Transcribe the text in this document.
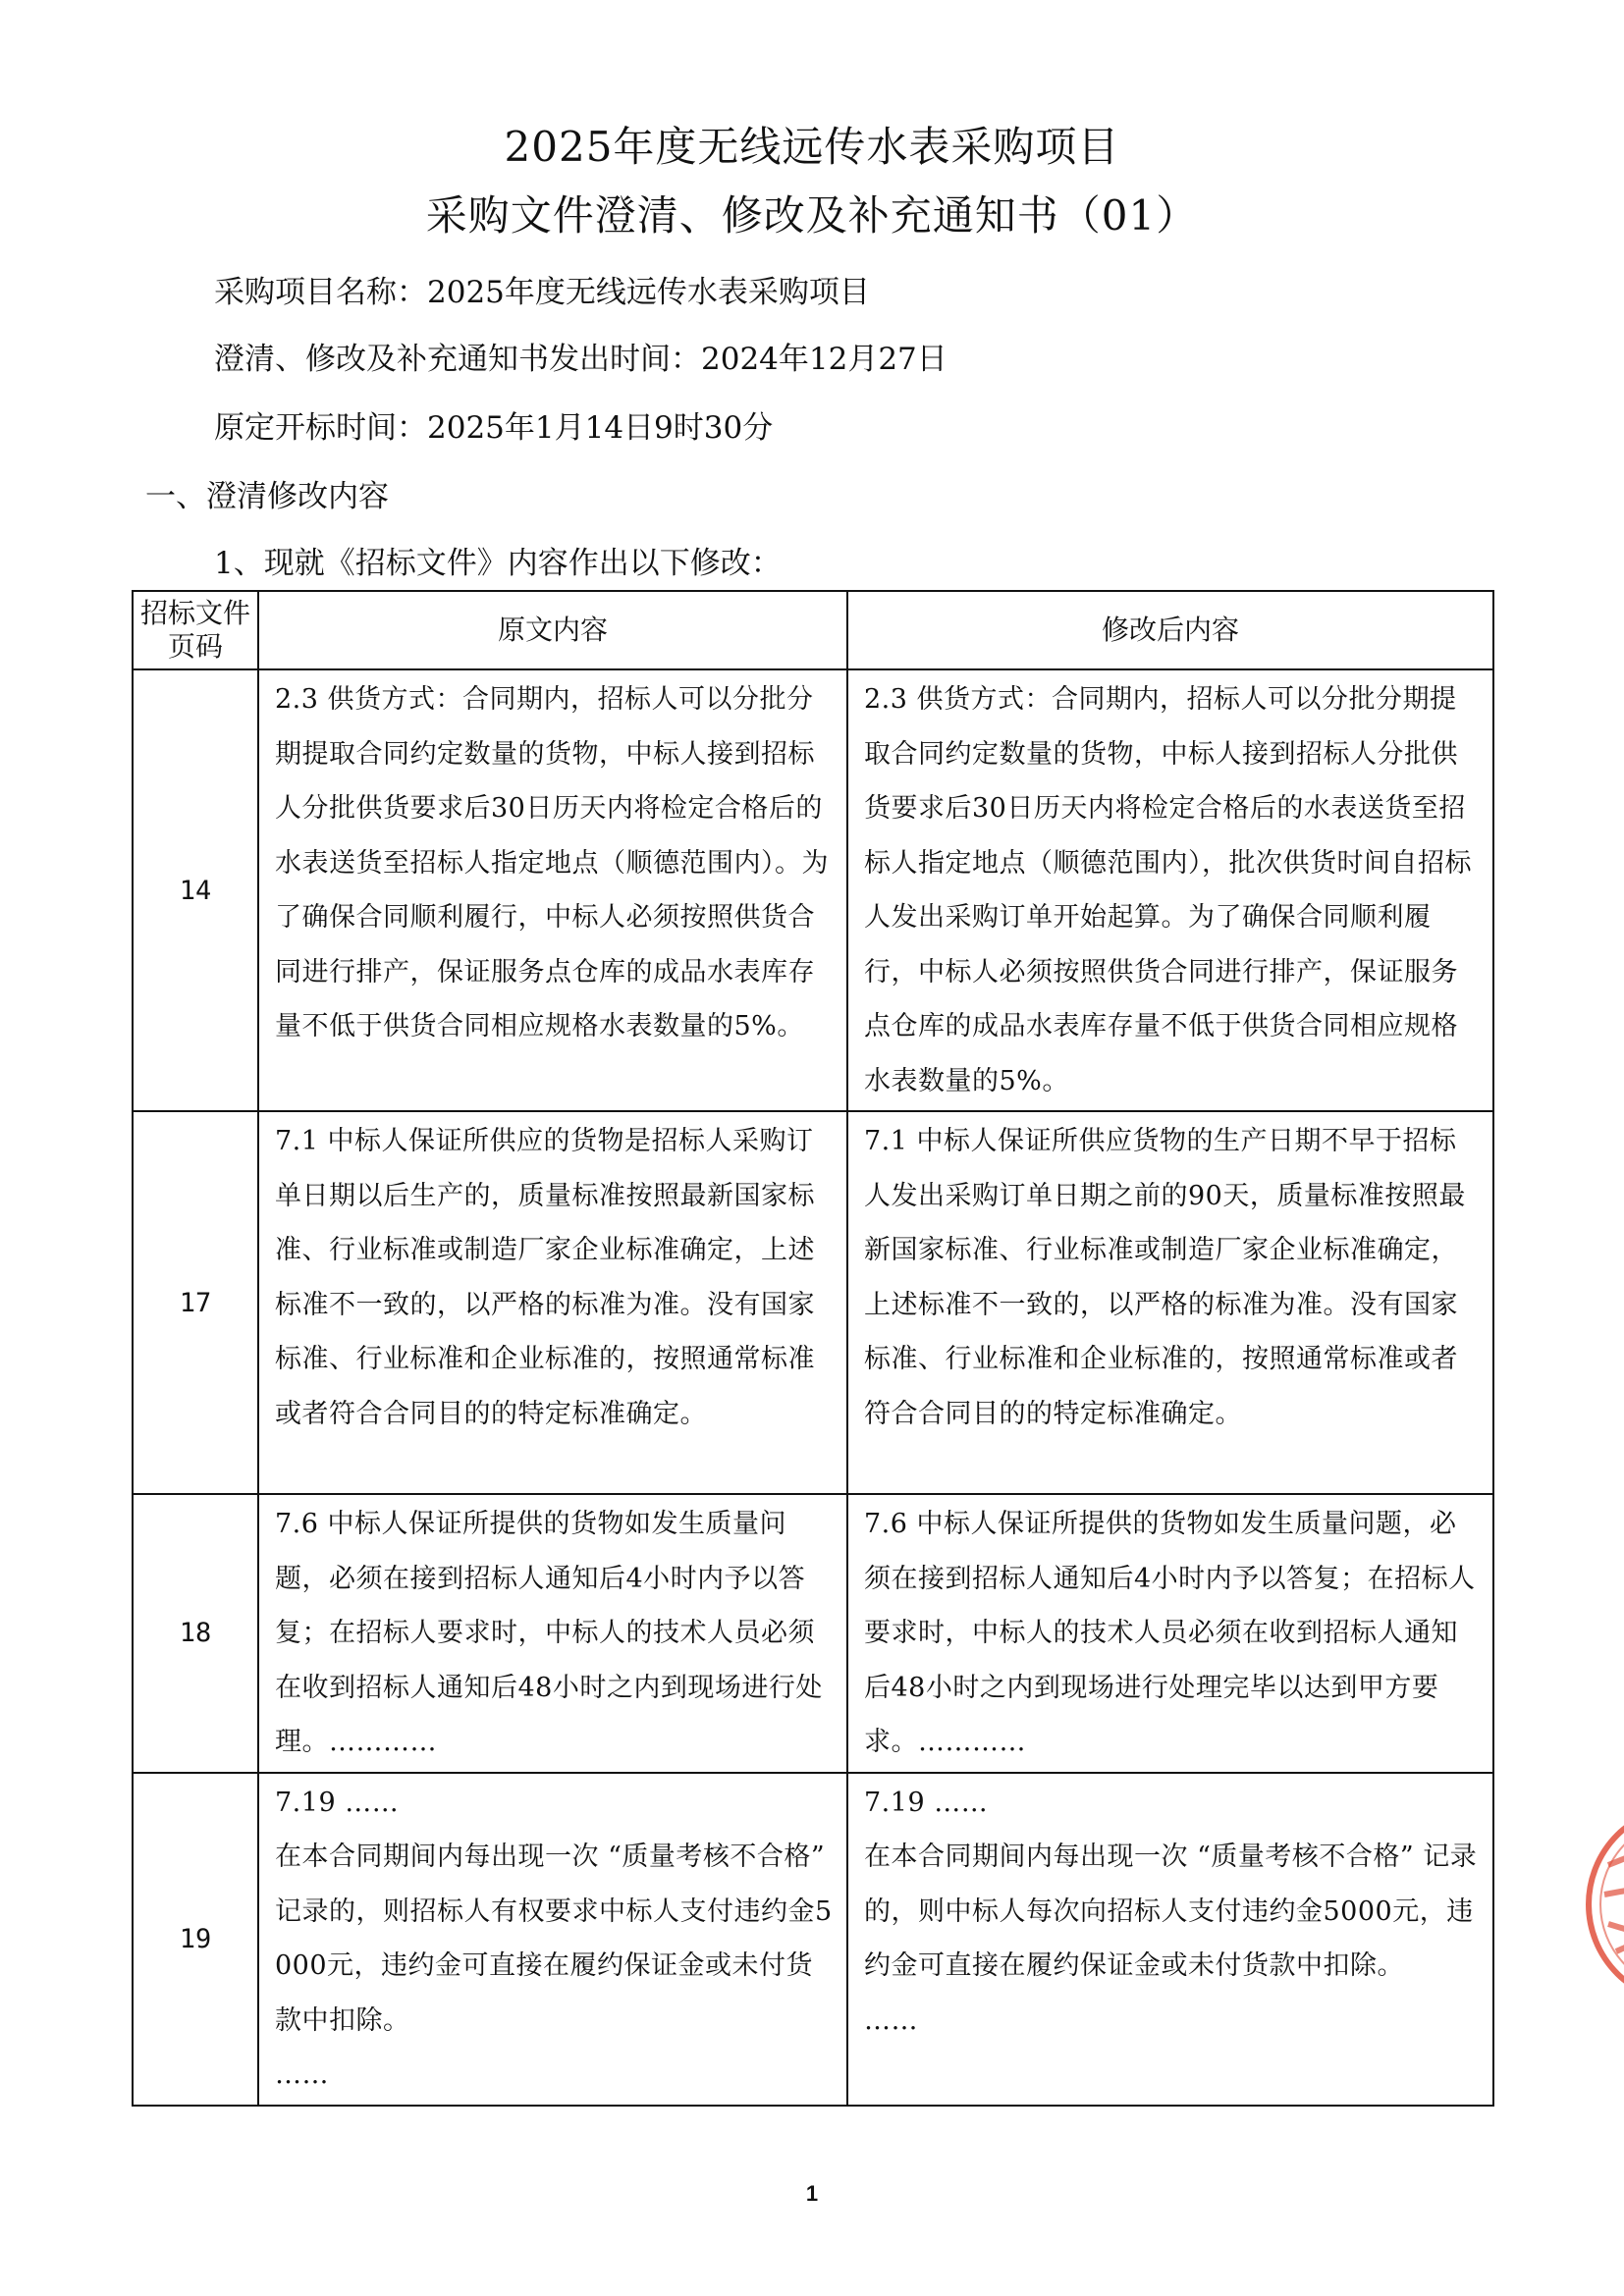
2025年度无线远传水表采购项目
采购文件澄清、修改及补充通知书（01）
采购项目名称：2025年度无线远传水表采购项目
澄清、修改及补充通知书发出时间：2024年12月27日
原定开标时间：2025年1月14日9时30分
一、澄清修改内容
1、现就《招标文件》内容作出以下修改：
招标文件页码	原文内容	修改后内容
14	2.3 供货方式：合同期内，招标人可以分批分期提取合同约定数量的货物，中标人接到招标人分批供货要求后30日历天内将检定合格后的水表送货至招标人指定地点（顺德范围内）。为了确保合同顺利履行，中标人必须按照供货合同进行排产，保证服务点仓库的成品水表库存量不低于供货合同相应规格水表数量的5%。	2.3 供货方式：合同期内，招标人可以分批分期提取合同约定数量的货物，中标人接到招标人分批供货要求后30日历天内将检定合格后的水表送货至招标人指定地点（顺德范围内），批次供货时间自招标人发出采购订单开始起算。为了确保合同顺利履行，中标人必须按照供货合同进行排产，保证服务点仓库的成品水表库存量不低于供货合同相应规格水表数量的5%。
17	7.1 中标人保证所供应的货物是招标人采购订单日期以后生产的，质量标准按照最新国家标准、行业标准或制造厂家企业标准确定，上述标准不一致的，以严格的标准为准。没有国家标准、行业标准和企业标准的，按照通常标准或者符合合同目的的特定标准确定。	7.1 中标人保证所供应货物的生产日期不早于招标人发出采购订单日期之前的90天，质量标准按照最新国家标准、行业标准或制造厂家企业标准确定，上述标准不一致的，以严格的标准为准。没有国家标准、行业标准和企业标准的，按照通常标准或者符合合同目的的特定标准确定。
18	7.6 中标人保证所提供的货物如发生质量问题，必须在接到招标人通知后4小时内予以答复；在招标人要求时，中标人的技术人员必须在收到招标人通知后48小时之内到现场进行处理。…………	7.6 中标人保证所提供的货物如发生质量问题，必须在接到招标人通知后4小时内予以答复；在招标人要求时，中标人的技术人员必须在收到招标人通知后48小时之内到现场进行处理完毕以达到甲方要求。…………
19	7.19 ……
在本合同期间内每出现一次 “质量考核不合格” 记录的，则招标人有权要求中标人支付违约金5000元，违约金可直接在履约保证金或未付货款中扣除。
……	7.19 ……
在本合同期间内每出现一次 “质量考核不合格” 记录的，则中标人每次向招标人支付违约金5000元，违约金可直接在履约保证金或未付货款中扣除。
……
1
